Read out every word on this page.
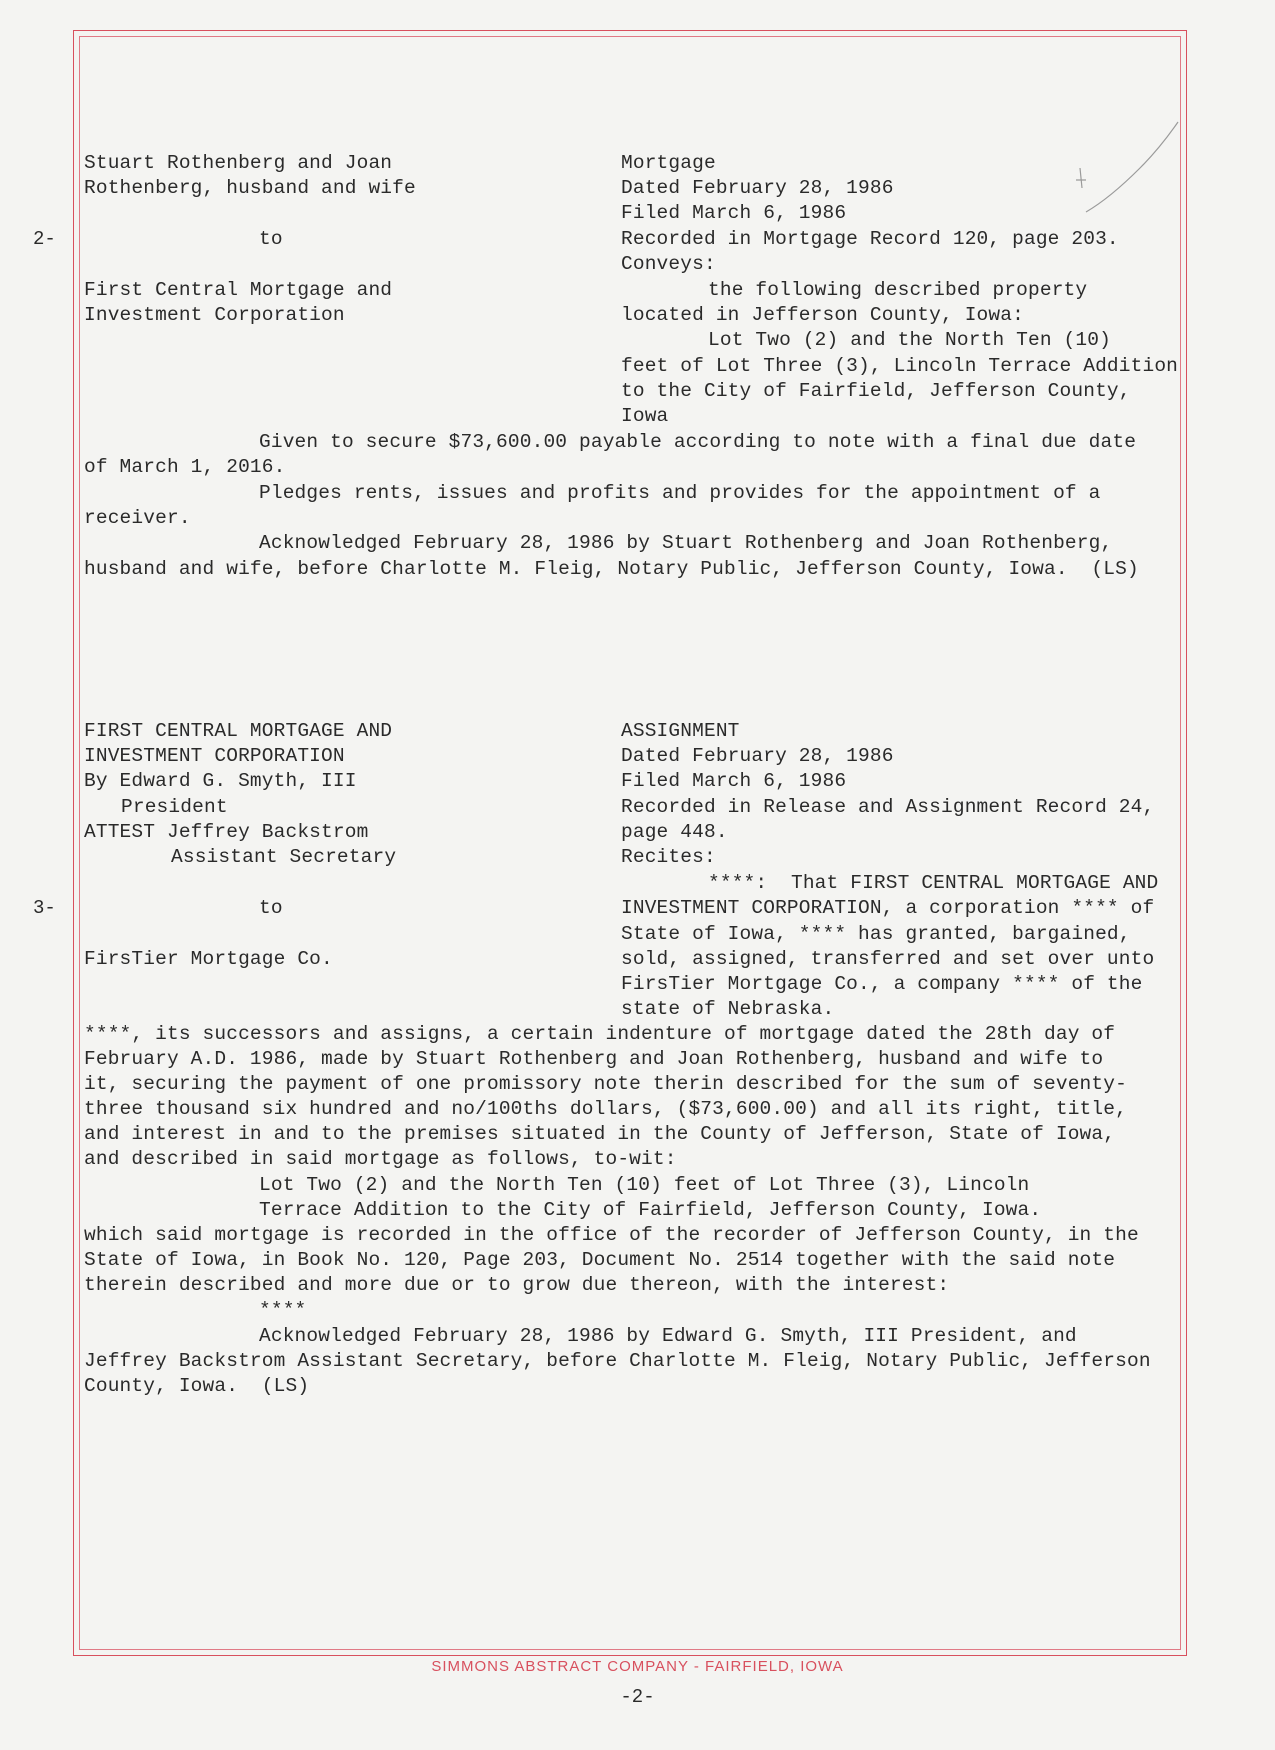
2-
Stuart Rothenberg and Joan
Rothenberg, husband and wife
to
First Central Mortgage and
Investment Corporation
Mortgage
Dated February 28, 1986
Filed March 6, 1986
Recorded in Mortgage Record 120, page 203.
Conveys:
the following described property
located in Jefferson County, Iowa:
Lot Two (2) and the North Ten (10)
feet of Lot Three (3), Lincoln Terrace Addition
to the City of Fairfield, Jefferson County,
Iowa
Given to secure $73,600.00 payable according to note with a final due date
of March 1, 2016.
Pledges rents, issues and profits and provides for the appointment of a
receiver.
Acknowledged February 28, 1986 by Stuart Rothenberg and Joan Rothenberg,
husband and wife, before Charlotte M. Fleig, Notary Public, Jefferson County, Iowa.  (LS)
3-
FIRST CENTRAL MORTGAGE AND
INVESTMENT CORPORATION
By Edward G. Smyth, III
President
ATTEST Jeffrey Backstrom
Assistant Secretary
to
FirsTier Mortgage Co.
ASSIGNMENT
Dated February 28, 1986
Filed March 6, 1986
Recorded in Release and Assignment Record 24,
page 448.
Recites:
****:  That FIRST CENTRAL MORTGAGE AND
INVESTMENT CORPORATION, a corporation **** of
State of Iowa, **** has granted, bargained,
sold, assigned, transferred and set over unto
FirsTier Mortgage Co., a company **** of the
state of Nebraska.
****, its successors and assigns, a certain indenture of mortgage dated the 28th day of
February A.D. 1986, made by Stuart Rothenberg and Joan Rothenberg, husband and wife to
it, securing the payment of one promissory note therin described for the sum of seventy-
three thousand six hundred and no/100ths dollars, ($73,600.00) and all its right, title,
and interest in and to the premises situated in the County of Jefferson, State of Iowa,
and described in said mortgage as follows, to-wit:
Lot Two (2) and the North Ten (10) feet of Lot Three (3), Lincoln
Terrace Addition to the City of Fairfield, Jefferson County, Iowa.
which said mortgage is recorded in the office of the recorder of Jefferson County, in the
State of Iowa, in Book No. 120, Page 203, Document No. 2514 together with the said note
therein described and more due or to grow due thereon, with the interest:
****
Acknowledged February 28, 1986 by Edward G. Smyth, III President, and
Jeffrey Backstrom Assistant Secretary, before Charlotte M. Fleig, Notary Public, Jefferson
County, Iowa.  (LS)
SIMMONS ABSTRACT COMPANY - FAIRFIELD, IOWA
-2-
